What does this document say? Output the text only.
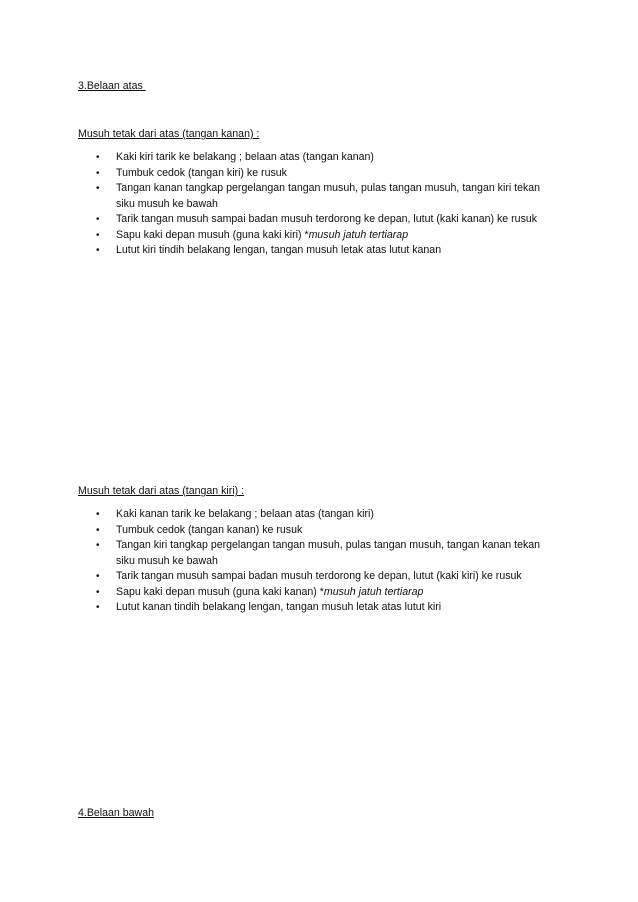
3.Belaan atas
Musuh tetak dari atas (tangan kanan) :
• Kaki kiri tarik ke belakang ; belaan atas (tangan kanan)
• Tumbuk cedok (tangan kiri) ke rusuk
• Tangan kanan tangkap pergelangan tangan musuh, pulas tangan musuh, tangan kiri tekan siku musuh ke bawah
• Tarik tangan musuh sampai badan musuh terdorong ke depan, lutut (kaki kanan) ke rusuk
• Sapu kaki depan musuh (guna kaki kiri) *musuh jatuh tertiarap
• Lutut kiri tindih belakang lengan, tangan musuh letak atas lutut kanan
Musuh tetak dari atas (tangan kiri) :
• Kaki kanan tarik ke belakang ; belaan atas (tangan kiri)
• Tumbuk cedok (tangan kanan) ke rusuk
• Tangan kiri tangkap pergelangan tangan musuh, pulas tangan musuh, tangan kanan tekan siku musuh ke bawah
• Tarik tangan musuh sampai badan musuh terdorong ke depan, lutut (kaki kiri) ke rusuk
• Sapu kaki depan musuh (guna kaki kanan) *musuh jatuh tertiarap
• Lutut kanan tindih belakang lengan, tangan musuh letak atas lutut kiri
4.Belaan bawah
